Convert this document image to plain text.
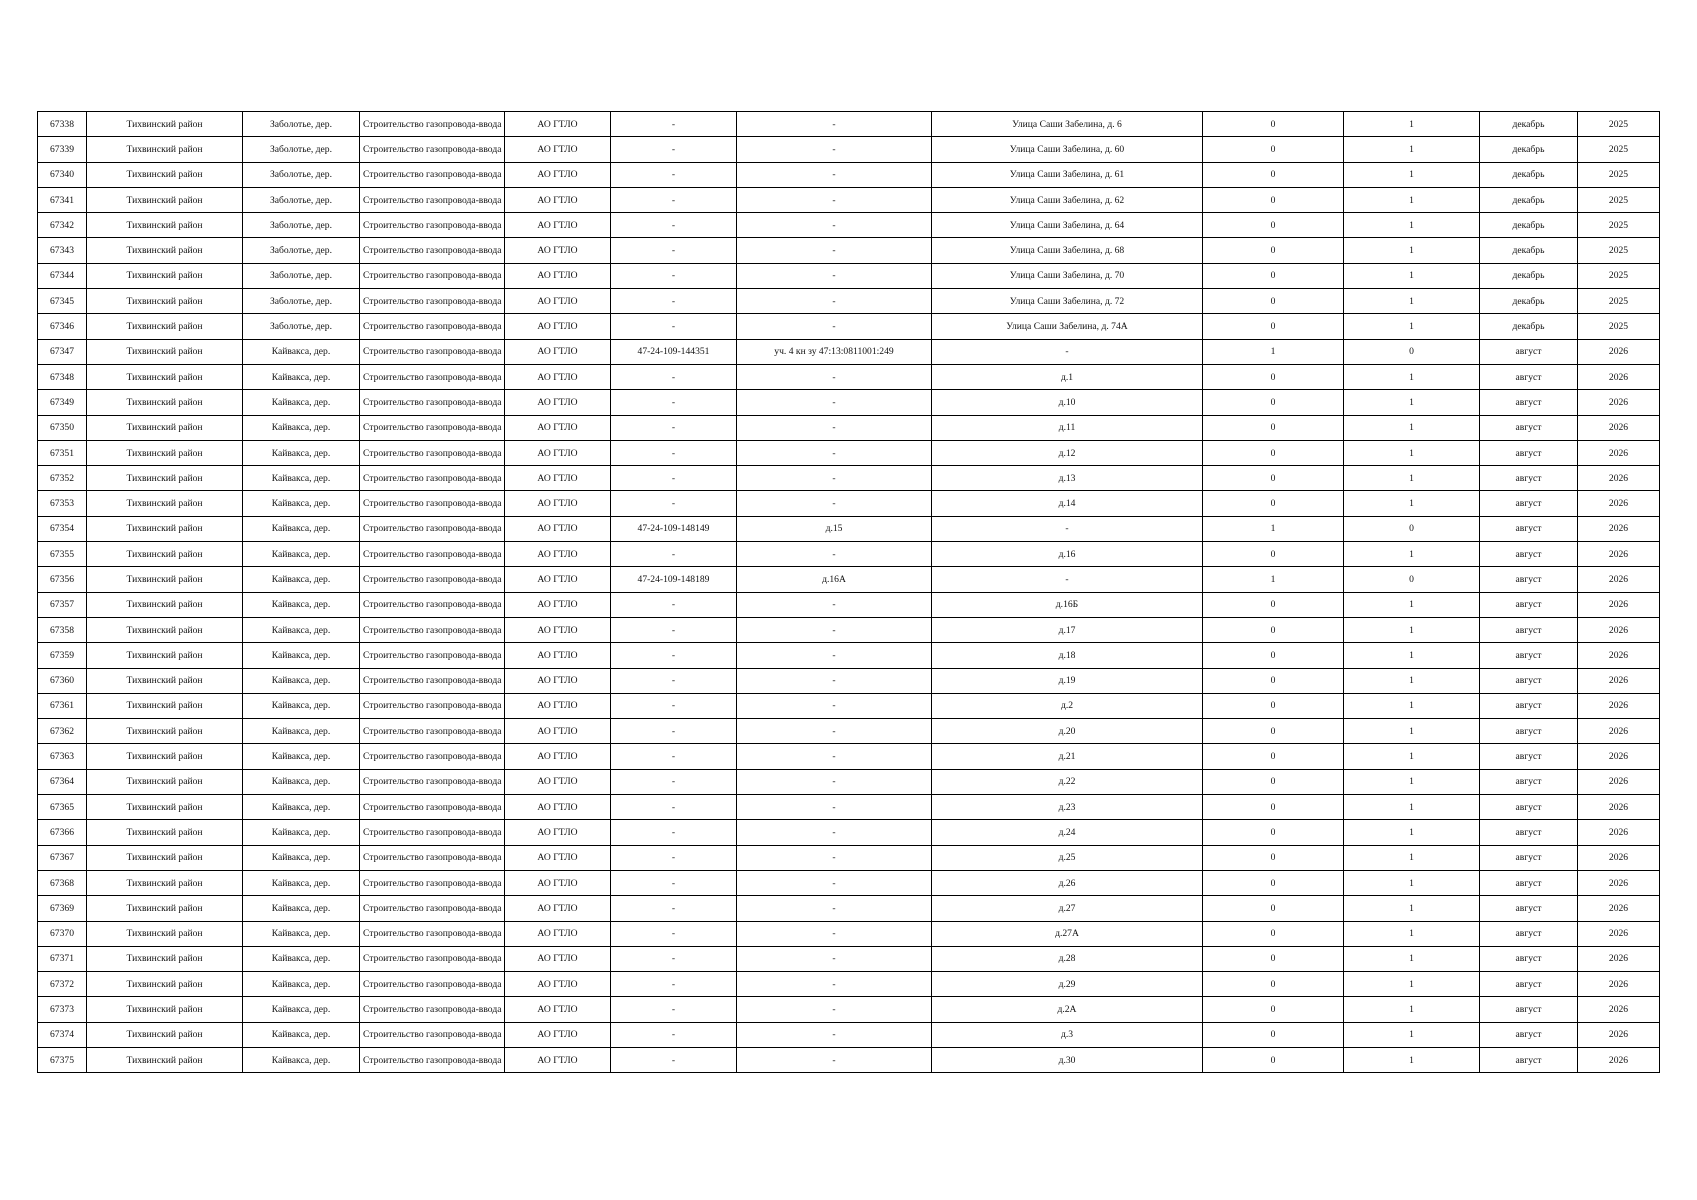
67338	Тихвинский район	Заболотье, дер.	Строительство газопровода-ввода	АО ГТЛО	-	-	Улица Саши Забелина, д. 6	0	1	декабрь	2025
67339	Тихвинский район	Заболотье, дер.	Строительство газопровода-ввода	АО ГТЛО	-	-	Улица Саши Забелина, д. 60	0	1	декабрь	2025
67340	Тихвинский район	Заболотье, дер.	Строительство газопровода-ввода	АО ГТЛО	-	-	Улица Саши Забелина, д. 61	0	1	декабрь	2025
67341	Тихвинский район	Заболотье, дер.	Строительство газопровода-ввода	АО ГТЛО	-	-	Улица Саши Забелина, д. 62	0	1	декабрь	2025
67342	Тихвинский район	Заболотье, дер.	Строительство газопровода-ввода	АО ГТЛО	-	-	Улица Саши Забелина, д. 64	0	1	декабрь	2025
67343	Тихвинский район	Заболотье, дер.	Строительство газопровода-ввода	АО ГТЛО	-	-	Улица Саши Забелина, д. 68	0	1	декабрь	2025
67344	Тихвинский район	Заболотье, дер.	Строительство газопровода-ввода	АО ГТЛО	-	-	Улица Саши Забелина, д. 70	0	1	декабрь	2025
67345	Тихвинский район	Заболотье, дер.	Строительство газопровода-ввода	АО ГТЛО	-	-	Улица Саши Забелина, д. 72	0	1	декабрь	2025
67346	Тихвинский район	Заболотье, дер.	Строительство газопровода-ввода	АО ГТЛО	-	-	Улица Саши Забелина, д. 74А	0	1	декабрь	2025
67347	Тихвинский район	Кайвакса, дер.	Строительство газопровода-ввода	АО ГТЛО	47-24-109-144351	уч. 4 кн зу 47:13:0811001:249	-	1	0	август	2026
67348	Тихвинский район	Кайвакса, дер.	Строительство газопровода-ввода	АО ГТЛО	-	-	д.1	0	1	август	2026
67349	Тихвинский район	Кайвакса, дер.	Строительство газопровода-ввода	АО ГТЛО	-	-	д.10	0	1	август	2026
67350	Тихвинский район	Кайвакса, дер.	Строительство газопровода-ввода	АО ГТЛО	-	-	д.11	0	1	август	2026
67351	Тихвинский район	Кайвакса, дер.	Строительство газопровода-ввода	АО ГТЛО	-	-	д.12	0	1	август	2026
67352	Тихвинский район	Кайвакса, дер.	Строительство газопровода-ввода	АО ГТЛО	-	-	д.13	0	1	август	2026
67353	Тихвинский район	Кайвакса, дер.	Строительство газопровода-ввода	АО ГТЛО	-	-	д.14	0	1	август	2026
67354	Тихвинский район	Кайвакса, дер.	Строительство газопровода-ввода	АО ГТЛО	47-24-109-148149	д.15	-	1	0	август	2026
67355	Тихвинский район	Кайвакса, дер.	Строительство газопровода-ввода	АО ГТЛО	-	-	д.16	0	1	август	2026
67356	Тихвинский район	Кайвакса, дер.	Строительство газопровода-ввода	АО ГТЛО	47-24-109-148189	д.16А	-	1	0	август	2026
67357	Тихвинский район	Кайвакса, дер.	Строительство газопровода-ввода	АО ГТЛО	-	-	д.16Б	0	1	август	2026
67358	Тихвинский район	Кайвакса, дер.	Строительство газопровода-ввода	АО ГТЛО	-	-	д.17	0	1	август	2026
67359	Тихвинский район	Кайвакса, дер.	Строительство газопровода-ввода	АО ГТЛО	-	-	д.18	0	1	август	2026
67360	Тихвинский район	Кайвакса, дер.	Строительство газопровода-ввода	АО ГТЛО	-	-	д.19	0	1	август	2026
67361	Тихвинский район	Кайвакса, дер.	Строительство газопровода-ввода	АО ГТЛО	-	-	д.2	0	1	август	2026
67362	Тихвинский район	Кайвакса, дер.	Строительство газопровода-ввода	АО ГТЛО	-	-	д.20	0	1	август	2026
67363	Тихвинский район	Кайвакса, дер.	Строительство газопровода-ввода	АО ГТЛО	-	-	д.21	0	1	август	2026
67364	Тихвинский район	Кайвакса, дер.	Строительство газопровода-ввода	АО ГТЛО	-	-	д.22	0	1	август	2026
67365	Тихвинский район	Кайвакса, дер.	Строительство газопровода-ввода	АО ГТЛО	-	-	д.23	0	1	август	2026
67366	Тихвинский район	Кайвакса, дер.	Строительство газопровода-ввода	АО ГТЛО	-	-	д.24	0	1	август	2026
67367	Тихвинский район	Кайвакса, дер.	Строительство газопровода-ввода	АО ГТЛО	-	-	д.25	0	1	август	2026
67368	Тихвинский район	Кайвакса, дер.	Строительство газопровода-ввода	АО ГТЛО	-	-	д.26	0	1	август	2026
67369	Тихвинский район	Кайвакса, дер.	Строительство газопровода-ввода	АО ГТЛО	-	-	д.27	0	1	август	2026
67370	Тихвинский район	Кайвакса, дер.	Строительство газопровода-ввода	АО ГТЛО	-	-	д.27А	0	1	август	2026
67371	Тихвинский район	Кайвакса, дер.	Строительство газопровода-ввода	АО ГТЛО	-	-	д.28	0	1	август	2026
67372	Тихвинский район	Кайвакса, дер.	Строительство газопровода-ввода	АО ГТЛО	-	-	д.29	0	1	август	2026
67373	Тихвинский район	Кайвакса, дер.	Строительство газопровода-ввода	АО ГТЛО	-	-	д.2А	0	1	август	2026
67374	Тихвинский район	Кайвакса, дер.	Строительство газопровода-ввода	АО ГТЛО	-	-	д.3	0	1	август	2026
67375	Тихвинский район	Кайвакса, дер.	Строительство газопровода-ввода	АО ГТЛО	-	-	д.30	0	1	август	2026
